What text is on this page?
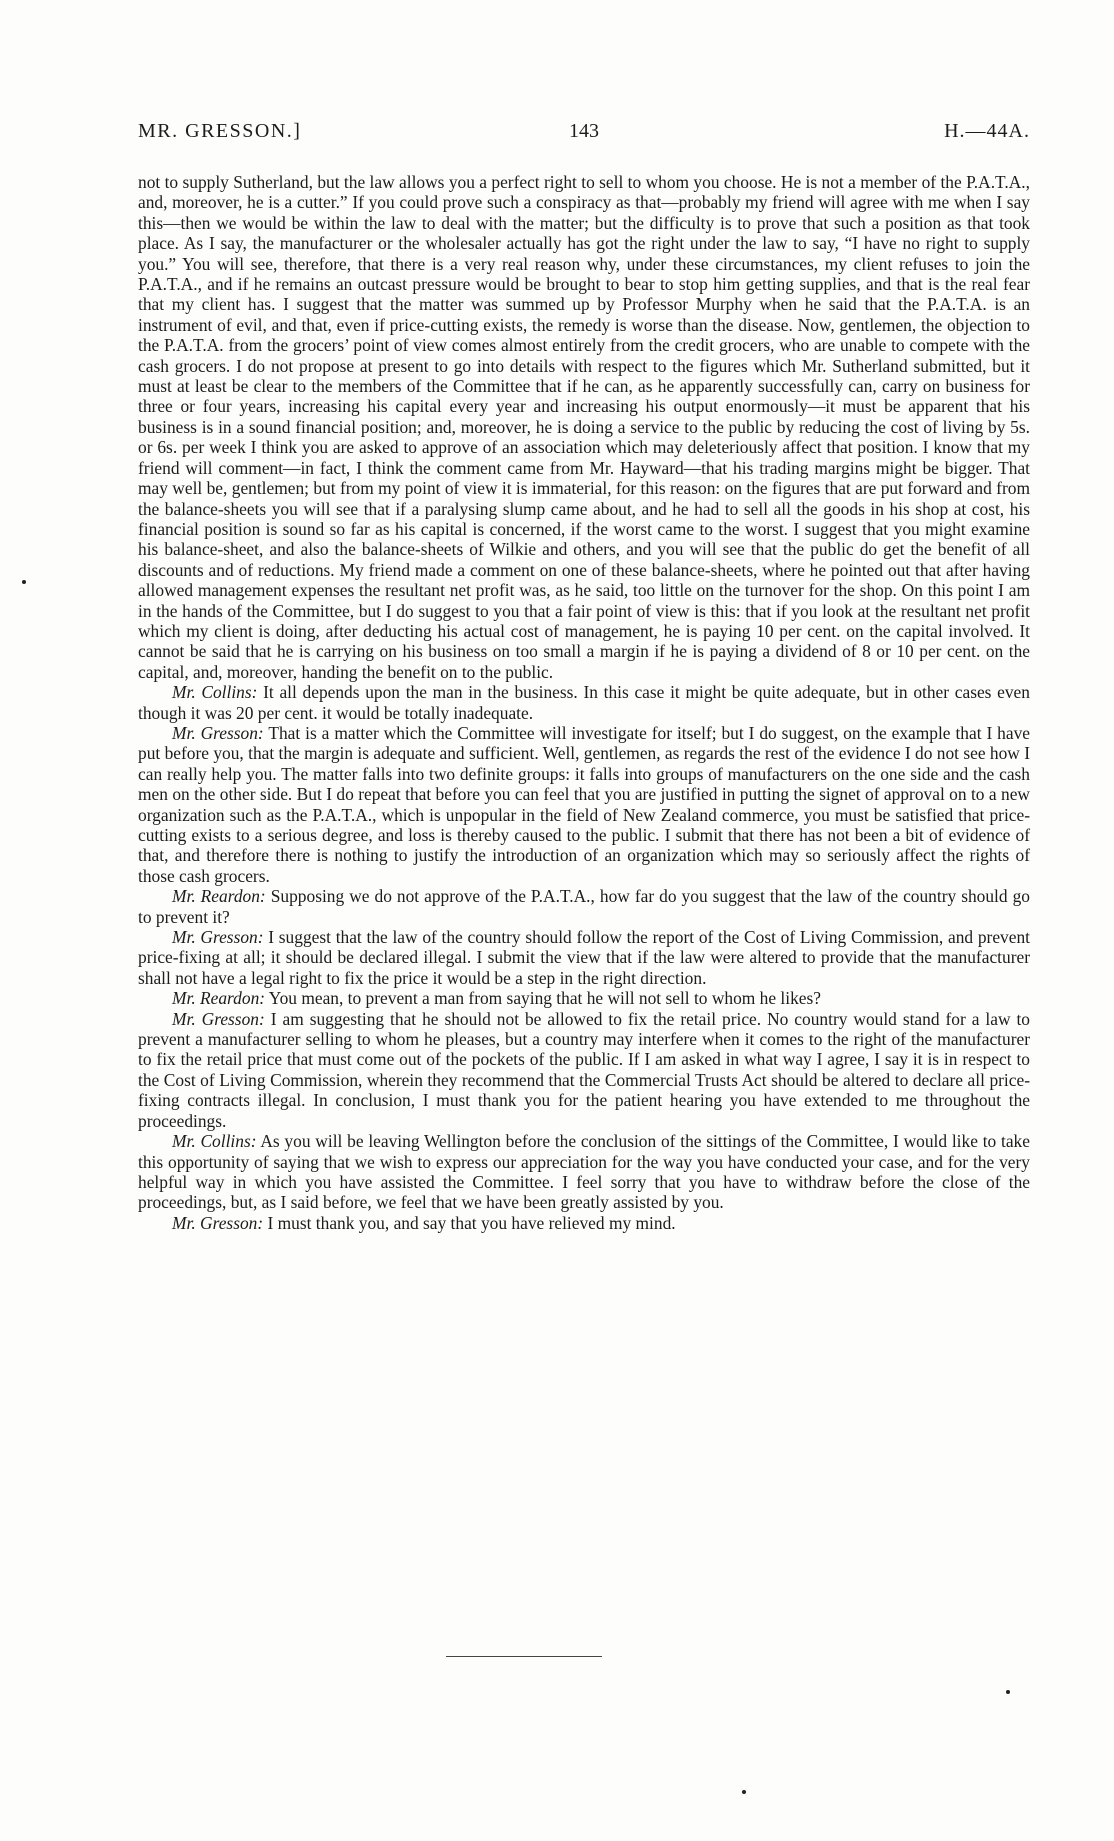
MR. GRESSON.]	143	H.—44A.

not to supply Sutherland, but the law allows you a perfect right to sell to whom you choose. He is not a member of the P.A.T.A., and, moreover, he is a cutter.” If you could prove such a conspiracy as that—probably my friend will agree with me when I say this—then we would be within the law to deal with the matter; but the difficulty is to prove that such a position as that took place. As I say, the manufacturer or the wholesaler actually has got the right under the law to say, “I have no right to supply you.” You will see, therefore, that there is a very real reason why, under these circumstances, my client refuses to join the P.A.T.A., and if he remains an outcast pressure would be brought to bear to stop him getting supplies, and that is the real fear that my client has. I suggest that the matter was summed up by Professor Murphy when he said that the P.A.T.A. is an instrument of evil, and that, even if price-cutting exists, the remedy is worse than the disease. Now, gentlemen, the objection to the P.A.T.A. from the grocers’ point of view comes almost entirely from the credit grocers, who are unable to compete with the cash grocers. I do not propose at present to go into details with respect to the figures which Mr. Sutherland submitted, but it must at least be clear to the members of the Committee that if he can, as he apparently successfully can, carry on business for three or four years, increasing his capital every year and increasing his output enormously—it must be apparent that his business is in a sound financial position; and, moreover, he is doing a service to the public by reducing the cost of living by 5s. or 6s. per week I think you are asked to approve of an association which may deleteriously affect that position. I know that my friend will comment—in fact, I think the comment came from Mr. Hayward—that his trading margins might be bigger. That may well be, gentlemen; but from my point of view it is immaterial, for this reason: on the figures that are put forward and from the balance-sheets you will see that if a paralysing slump came about, and he had to sell all the goods in his shop at cost, his financial position is sound so far as his capital is concerned, if the worst came to the worst. I suggest that you might examine his balance-sheet, and also the balance-sheets of Wilkie and others, and you will see that the public do get the benefit of all discounts and of reductions. My friend made a comment on one of these balance-sheets, where he pointed out that after having allowed management expenses the resultant net profit was, as he said, too little on the turnover for the shop. On this point I am in the hands of the Committee, but I do suggest to you that a fair point of view is this: that if you look at the resultant net profit which my client is doing, after deducting his actual cost of management, he is paying 10 per cent. on the capital involved. It cannot be said that he is carrying on his business on too small a margin if he is paying a dividend of 8 or 10 per cent. on the capital, and, moreover, handing the benefit on to the public.

Mr. Collins: It all depends upon the man in the business. In this case it might be quite adequate, but in other cases even though it was 20 per cent. it would be totally inadequate.

Mr. Gresson: That is a matter which the Committee will investigate for itself; but I do suggest, on the example that I have put before you, that the margin is adequate and sufficient. Well, gentlemen, as regards the rest of the evidence I do not see how I can really help you. The matter falls into two definite groups: it falls into groups of manufacturers on the one side and the cash men on the other side. But I do repeat that before you can feel that you are justified in putting the signet of approval on to a new organization such as the P.A.T.A., which is unpopular in the field of New Zealand commerce, you must be satisfied that price-cutting exists to a serious degree, and loss is thereby caused to the public. I submit that there has not been a bit of evidence of that, and therefore there is nothing to justify the introduction of an organization which may so seriously affect the rights of those cash grocers.

Mr. Reardon: Supposing we do not approve of the P.A.T.A., how far do you suggest that the law of the country should go to prevent it?

Mr. Gresson: I suggest that the law of the country should follow the report of the Cost of Living Commission, and prevent price-fixing at all; it should be declared illegal. I submit the view that if the law were altered to provide that the manufacturer shall not have a legal right to fix the price it would be a step in the right direction.

Mr. Reardon: You mean, to prevent a man from saying that he will not sell to whom he likes?

Mr. Gresson: I am suggesting that he should not be allowed to fix the retail price. No country would stand for a law to prevent a manufacturer selling to whom he pleases, but a country may interfere when it comes to the right of the manufacturer to fix the retail price that must come out of the pockets of the public. If I am asked in what way I agree, I say it is in respect to the Cost of Living Commission, wherein they recommend that the Commercial Trusts Act should be altered to declare all price-fixing contracts illegal. In conclusion, I must thank you for the patient hearing you have extended to me throughout the proceedings.

Mr. Collins: As you will be leaving Wellington before the conclusion of the sittings of the Committee, I would like to take this opportunity of saying that we wish to express our appreciation for the way you have conducted your case, and for the very helpful way in which you have assisted the Committee. I feel sorry that you have to withdraw before the close of the proceedings, but, as I said before, we feel that we have been greatly assisted by you.

Mr. Gresson: I must thank you, and say that you have relieved my mind.
